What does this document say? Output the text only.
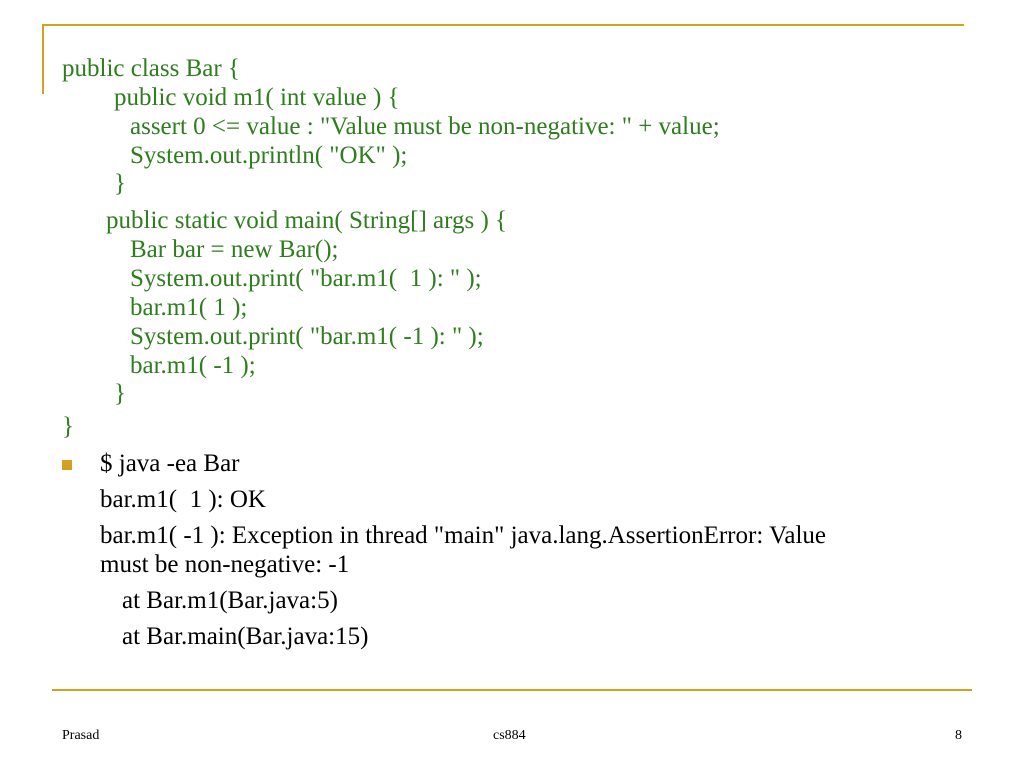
public class Bar {
public void m1( int value ) {
assert 0 <= value : "Value must be non-negative: " + value;
System.out.println( "OK" );
}
public static void main( String[] args ) {
Bar bar = new Bar();
System.out.print( "bar.m1(  1 ): " );
bar.m1( 1 );
System.out.print( "bar.m1( -1 ): " );
bar.m1( -1 );
}
}
$ java -ea Bar
bar.m1(  1 ): OK
bar.m1( -1 ): Exception in thread "main" java.lang.AssertionError: Value
must be non-negative: -1
at Bar.m1(Bar.java:5)
at Bar.main(Bar.java:15)
Prasad	cs884	8
